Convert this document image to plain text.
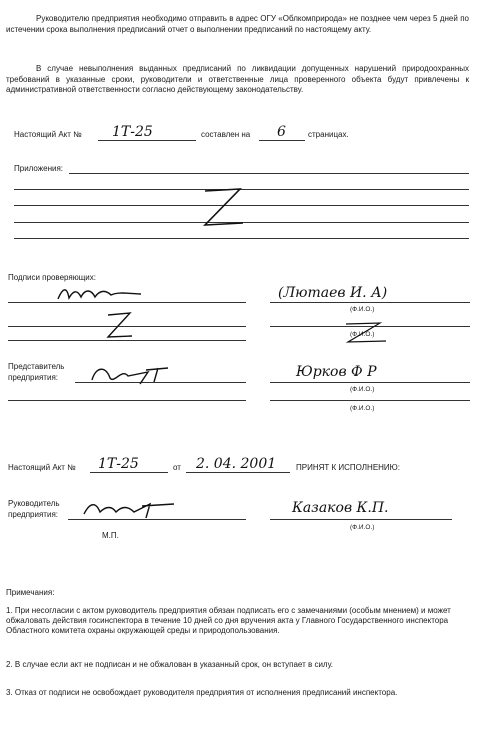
Руководителю предприятия необходимо отправить в адрес ОГУ «Облкомприрода» не позднее чем через 5 дней по истечении срока выполнения предписаний отчет о выполнении предписаний по настоящему акту.
В случае невыполнения выданных предписаний по ликвидации допущенных нарушений природоохранных требований в указанные сроки, руководители и ответственные лица проверенного объекта будут привлечены к административной ответственности согласно действующему законодательству.
Настоящий Акт № 1Т-25	составлен на 6	страницах.
Приложения:
Подписи проверяющих:
(Лютаев И. А)
(Ф.И.О.)
(Ф.И.О.)
Представитель
предприятия:	Юрков Ф Р
(Ф.И.О.)
(Ф.И.О.)
Настоящий Акт № 1Т-25	от 2. 04. 2001 ПРИНЯТ К ИСПОЛНЕНИЮ:
Руководитель
предприятия:
М.П.
Казаков К.П.
(Ф.И.О.)
Примечания:
1. При несогласии с актом руководитель предприятия обязан подписать его с замечаниями (особым мнением) и может обжаловать действия госинспектора в течение 10 дней со дня вручения акта у Главного Государственного инспектора Областного комитета охраны окружающей среды и природопользования.
2. В случае если акт не подписан и не обжалован в указанный срок, он вступает в силу.
3. Отказ от подписи не освобождает руководителя предприятия от исполнения предписаний инспектора.
